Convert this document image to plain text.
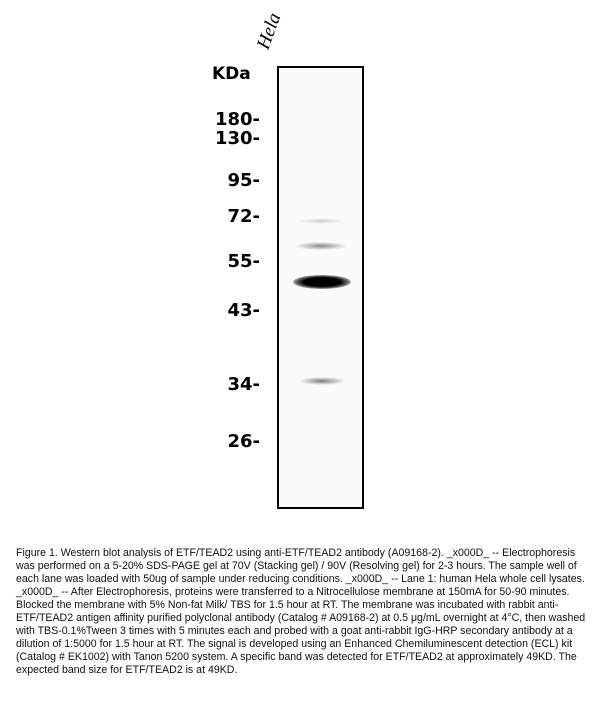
Hela
KDa
180-
130-
95-
72-
55-
43-
34-
26-
Figure 1. Western blot analysis of ETF/TEAD2 using anti-ETF/TEAD2 antibody (A09168-2). _x000D_ -- Electrophoresis was performed on a 5-20% SDS-PAGE gel at 70V (Stacking gel) / 90V (Resolving gel) for 2-3 hours. The sample well of each lane was loaded with 50ug of sample under reducing conditions. _x000D_ -- Lane 1: human Hela whole cell lysates. _x000D_ -- After Electrophoresis, proteins were transferred to a Nitrocellulose membrane at 150mA for 50-90 minutes. Blocked the membrane with 5% Non-fat Milk/ TBS for 1.5 hour at RT. The membrane was incubated with rabbit anti-ETF/TEAD2 antigen affinity purified polyclonal antibody (Catalog # A09168-2) at 0.5 μg/mL overnight at 4°C, then washed with TBS-0.1%Tween 3 times with 5 minutes each and probed with a goat anti-rabbit IgG-HRP secondary antibody at a dilution of 1:5000 for 1.5 hour at RT. The signal is developed using an Enhanced Chemiluminescent detection (ECL) kit (Catalog # EK1002) with Tanon 5200 system. A specific band was detected for ETF/TEAD2 at approximately 49KD. The expected band size for ETF/TEAD2 is at 49KD.
